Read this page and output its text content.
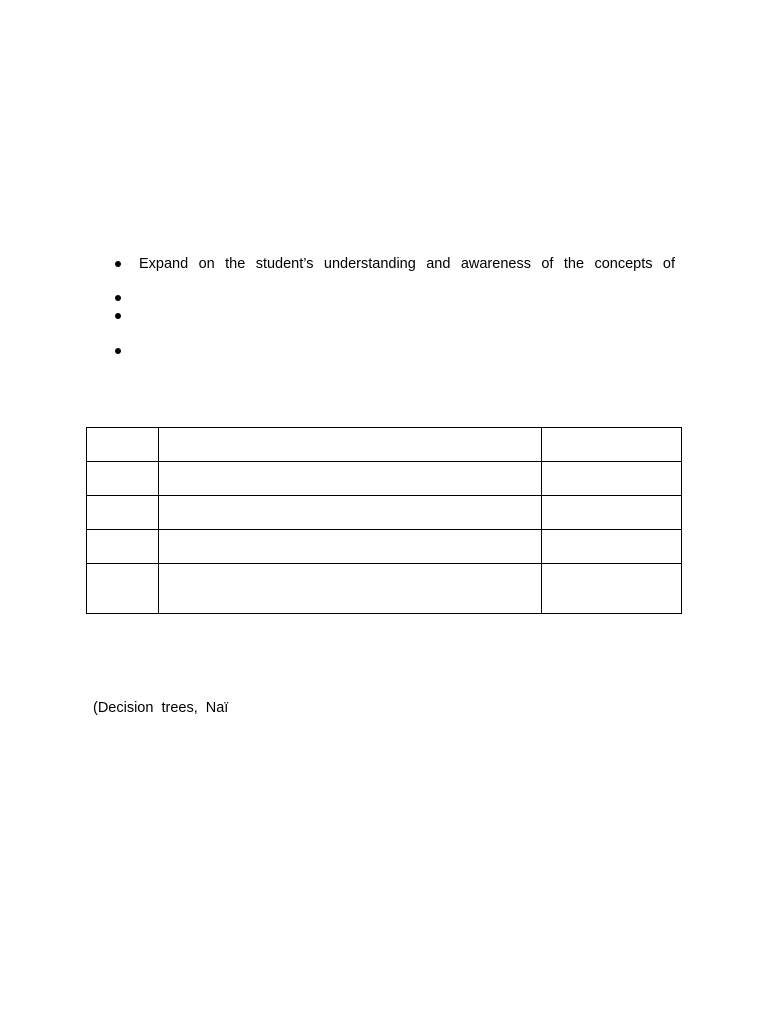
Expand on the student’s understanding and awareness of the concepts of

(Decision trees, Naï
